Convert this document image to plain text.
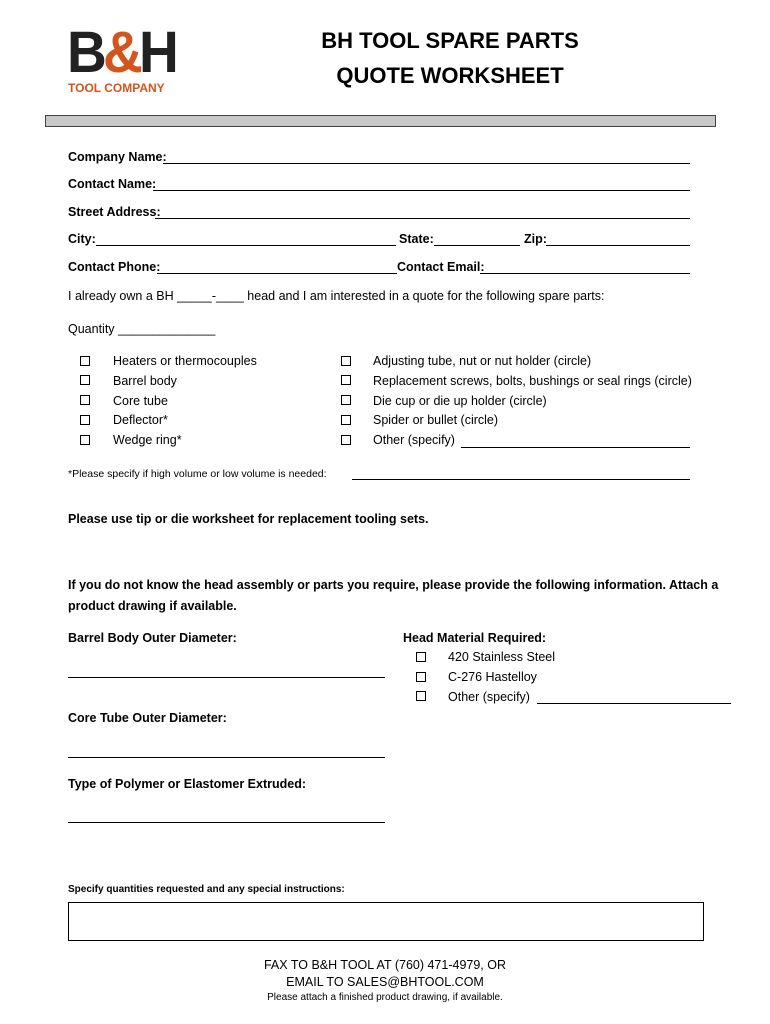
B&H
TOOL COMPANY
BH TOOL SPARE PARTS
QUOTE WORKSHEET
Company Name:
Contact Name:
Street Address:
City:	State:	Zip:
Contact Phone:	Contact Email:
I already own a BH _____-____ head and I am interested in a quote for the following spare parts:
Quantity ______________
Heaters or thermocouples
Barrel body
Core tube
Deflector*
Wedge ring*
Adjusting tube, nut or nut holder (circle)
Replacement screws, bolts, bushings or seal rings (circle)
Die cup or die up holder (circle)
Spider or bullet (circle)
Other (specify)
*Please specify if high volume or low volume is needed:
Please use tip or die worksheet for replacement tooling sets.
If you do not know the head assembly or parts you require, please provide the following information. Attach a
product drawing if available.
Barrel Body Outer Diameter:	Head Material Required:
420 Stainless Steel
C-276 Hastelloy
Other (specify)
Core Tube Outer Diameter:
Type of Polymer or Elastomer Extruded:
Specify quantities requested and any special instructions:
FAX TO B&H TOOL AT (760) 471-4979, OR
EMAIL TO SALES@BHTOOL.COM
Please attach a finished product drawing, if available.
